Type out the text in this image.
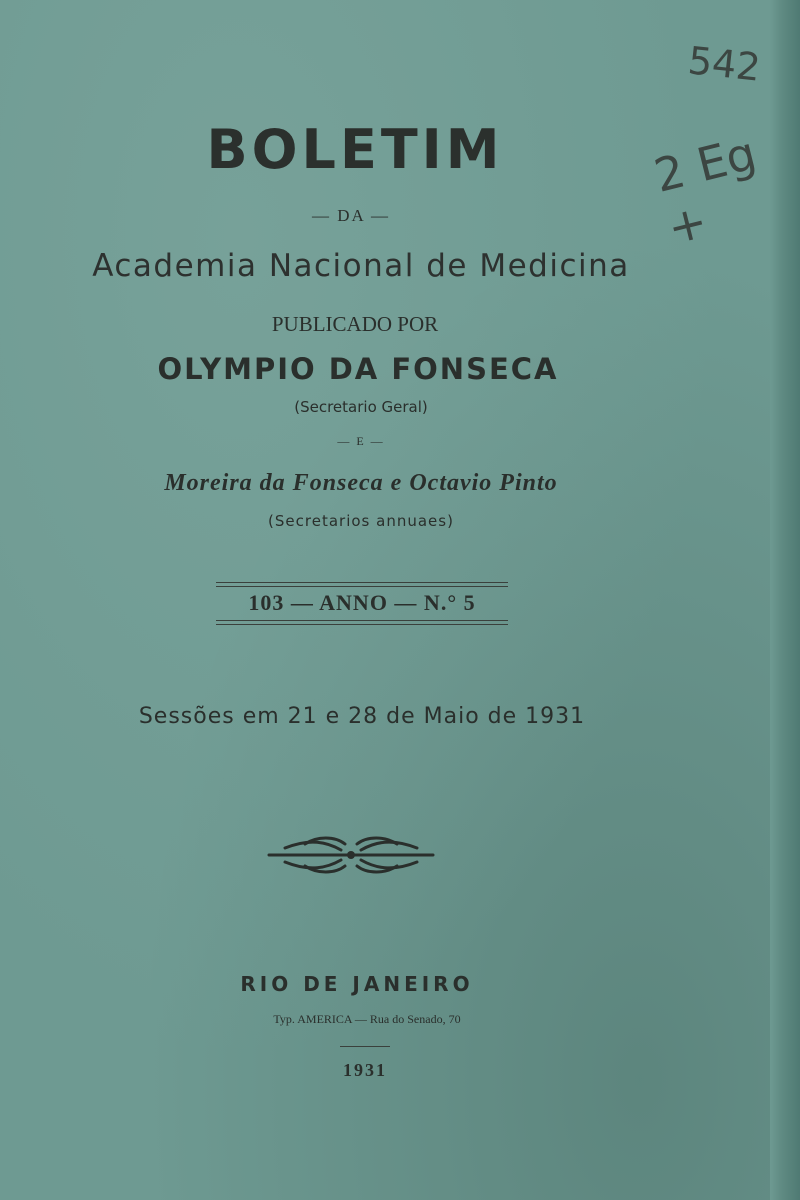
BOLETIM
— DA —
Academia Nacional de Medicina
PUBLICADO POR
OLYMPIO DA FONSECA
(Secretario Geral)
— E —
Moreira da Fonseca e Octavio Pinto
(Secretarios annuaes)
103 — ANNO — N.° 5
Sessões em 21 e 28 de Maio de 1931
RIO DE JANEIRO
Typ. AMERICA — Rua do Senado, 70
1931
542
2 Eg +
